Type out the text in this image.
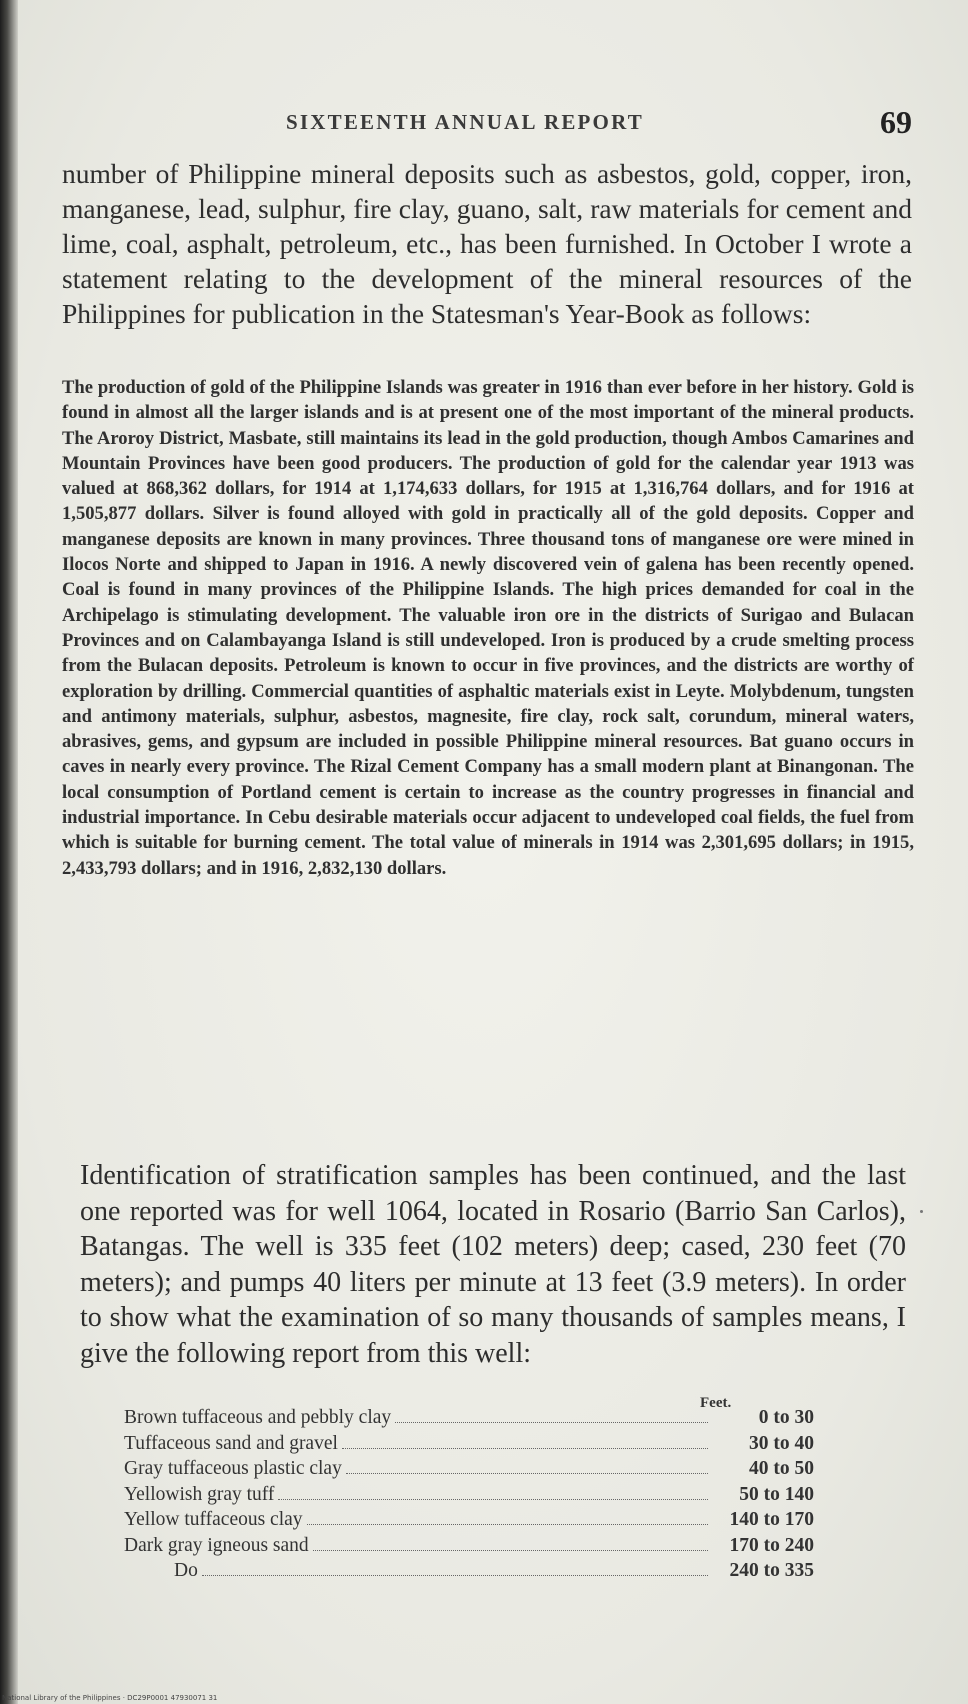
SIXTEENTH ANNUAL REPORT	69
number of Philippine mineral deposits such as asbestos, gold, copper, iron, manganese, lead, sulphur, fire clay, guano, salt, raw materials for cement and lime, coal, asphalt, petroleum, etc., has been furnished. In October I wrote a statement relating to the development of the mineral resources of the Philippines for publication in the Statesman's Year-Book as follows:
The production of gold of the Philippine Islands was greater in 1916 than ever before in her history. Gold is found in almost all the larger islands and is at present one of the most important of the mineral products. The Aroroy District, Masbate, still maintains its lead in the gold production, though Ambos Camarines and Mountain Provinces have been good producers. The production of gold for the calendar year 1913 was valued at 868,362 dollars, for 1914 at 1,174,633 dollars, for 1915 at 1,316,764 dollars, and for 1916 at 1,505,877 dollars. Silver is found alloyed with gold in practically all of the gold deposits. Copper and manganese deposits are known in many provinces. Three thousand tons of manganese ore were mined in Ilocos Norte and shipped to Japan in 1916. A newly discovered vein of galena has been recently opened. Coal is found in many provinces of the Philippine Islands. The high prices demanded for coal in the Archipelago is stimulating development. The valuable iron ore in the districts of Surigao and Bulacan Provinces and on Calambayanga Island is still undeveloped. Iron is produced by a crude smelting process from the Bulacan deposits. Petroleum is known to occur in five provinces, and the districts are worthy of exploration by drilling. Commercial quantities of asphaltic materials exist in Leyte. Molybdenum, tungsten and antimony materials, sulphur, asbestos, magnesite, fire clay, rock salt, corundum, mineral waters, abrasives, gems, and gypsum are included in possible Philippine mineral resources. Bat guano occurs in caves in nearly every province. The Rizal Cement Company has a small modern plant at Binangonan. The local consumption of Portland cement is certain to increase as the country progresses in financial and industrial importance. In Cebu desirable materials occur adjacent to undeveloped coal fields, the fuel from which is suitable for burning cement. The total value of minerals in 1914 was 2,301,695 dollars; in 1915, 2,433,793 dollars; and in 1916, 2,832,130 dollars.
Identification of stratification samples has been continued, and the last one reported was for well 1064, located in Rosario (Barrio San Carlos), Batangas. The well is 335 feet (102 meters) deep; cased, 230 feet (70 meters); and pumps 40 liters per minute at 13 feet (3.9 meters). In order to show what the examination of so many thousands of samples means, I give the following report from this well:
Feet.
Brown tuffaceous and pebbly clay	0 to 30
Tuffaceous sand and gravel	30 to 40
Gray tuffaceous plastic clay	40 to 50
Yellowish gray tuff	50 to 140
Yellow tuffaceous clay	140 to 170
Dark gray igneous sand	170 to 240
Do	240 to 335
National Library of the Philippines · DC29P0001 47930071 31
